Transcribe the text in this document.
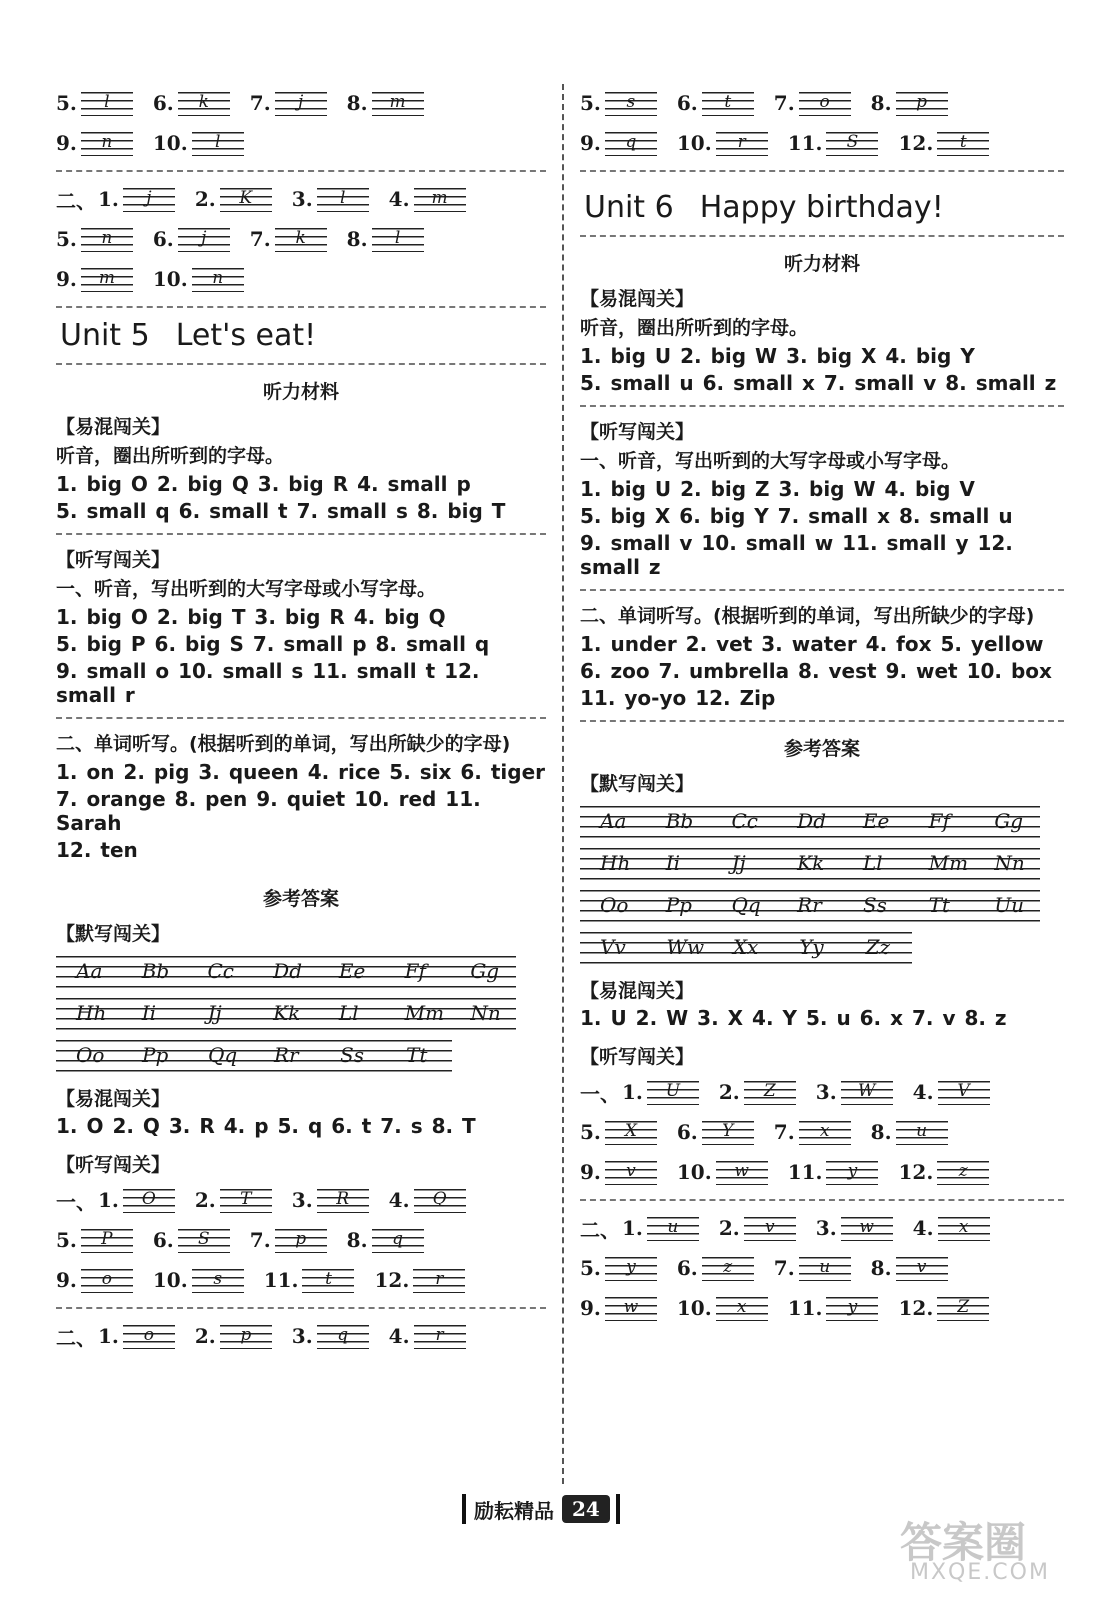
5.	l	6.	k	7.	j	8.	m
9.	n	10.	l
二、 1.	j	2.	K	3.	l	4.	m
5.	n	6.	j	7.	k	8.	l
9.	m	10.	n
Unit 5 Let's eat!
听力材料
【易混闯关】
听音，圈出所听到的字母。
1. big O 2. big Q 3. big R 4. small p
5. small q 6. small t 7. small s 8. big T
【听写闯关】
一、听音，写出听到的大写字母或小写字母。
1. big O 2. big T 3. big R 4. big Q
5. big P 6. big S 7. small p 8. small q
9. small o 10. small s 11. small t 12. small r
二、单词听写。(根据听到的单词，写出所缺少的字母)
1. on 2. pig 3. queen 4. rice 5. six 6. tiger
7. orange 8. pen 9. quiet 10. red 11. Sarah
12. ten
参考答案
【默写闯关】
Aa	Bb	Cc	Dd	Ee	Ff	Gg
Hh	Ii	Jj	Kk	Ll	Mm	Nn
Oo	Pp	Qq	Rr	Ss	Tt
【易混闯关】
1. O 2. Q 3. R 4. p 5. q 6. t 7. s 8. T
【听写闯关】
一、 1.	O	2.	T	3.	R	4.	Q
5.	P	6.	S	7.	p	8.	q
9.	o	10.	s	11.	t	12.	r
二、 1.	o	2.	p	3.	q	4.	r
5.	s	6.	t	7.	o	8.	p
9.	q	10.	r	11.	S	12.	t
Unit 6 Happy birthday!
听力材料
【易混闯关】
听音，圈出所听到的字母。
1. big U 2. big W 3. big X 4. big Y
5. small u 6. small x 7. small v 8. small z
【听写闯关】
一、听音，写出听到的大写字母或小写字母。
1. big U 2. big Z 3. big W 4. big V
5. big X 6. big Y 7. small x 8. small u
9. small v 10. small w 11. small y 12. small z
二、单词听写。(根据听到的单词，写出所缺少的字母)
1. under 2. vet 3. water 4. fox 5. yellow
6. zoo 7. umbrella 8. vest 9. wet 10. box
11. yo-yo 12. Zip
参考答案
【默写闯关】
Aa	Bb	Cc	Dd	Ee	Ff	Gg
Hh	Ii	Jj	Kk	Ll	Mm	Nn
Oo	Pp	Qq	Rr	Ss	Tt	Uu
Vv	Ww	Xx	Yy	Zz
【易混闯关】
1. U 2. W 3. X 4. Y 5. u 6. x 7. v 8. z
【听写闯关】
一、 1.	U	2.	Z	3.	W	4.	V
5.	X	6.	Y	7.	x	8.	u
9.	v	10.	w	11.	y	12.	z
二、 1.	u	2.	v	3.	w	4.	x
5.	y	6.	z	7.	u	8.	v
9.	w	10.	x	11.	y	12.	Z
励耘精品 24
答案圈
MXQE.COM
